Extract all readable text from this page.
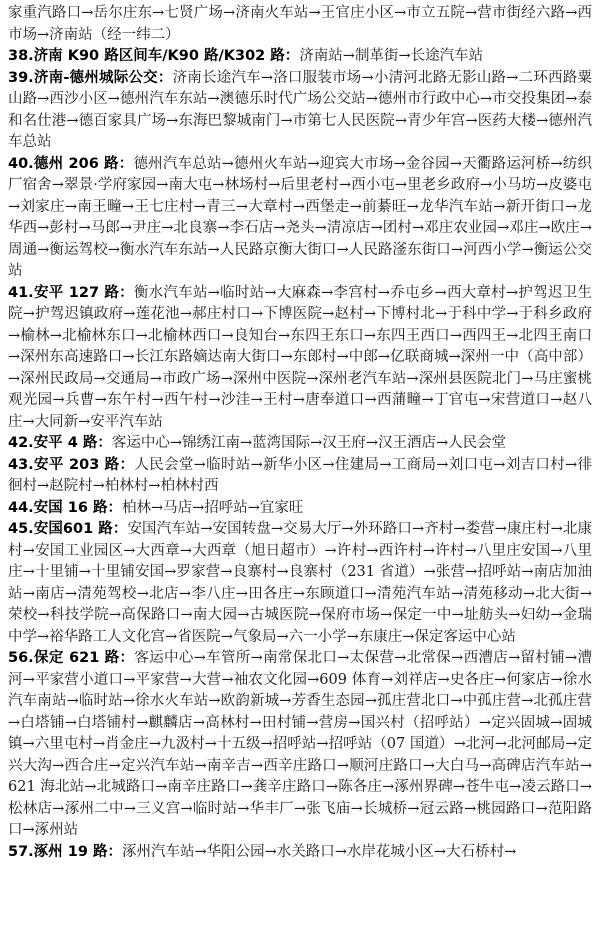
家重汽路口→岳尔庄东→七贤广场→济南火车站→王官庄小区→市立五院→营市街经六路→西市场→济南站（经一纬二）

38.济南 K90 路区间车/K90 路/K302 路：济南站→制革街→长途汽车站

39.济南-德州城际公交：济南长途汽车→洛口服装市场→小清河北路无影山路→二环西路粟山路→西沙小区→德州汽车东站→澳德乐时代广场公交站→德州市行政中心→市交投集团→泰和名仕港→德百家具广场→东海巴黎城南门→市第七人民医院→青少年宫→医药大楼→德州汽车总站

40.德州 206 路：德州汽车总站→德州火车站→迎宾大市场→金谷园→天衢路运河桥→纺织厂宿舍→翠景·学府家园→南大屯→林场村→后里老村→西小屯→里老乡政府→小马坊→皮婆屯→刘家庄→南王疃→王七庄村→青三→大章村→西堡走→前綦旺→龙华汽车站→新开街口→龙华西→彭村→马郎→尹庄→北良寨→李石店→尧头→清凉店→团村→邓庄农业园→邓庄→欧庄→周通→衡运驾校→衡水汽车东站→人民路京衡大街口→人民路滏东街口→河西小学→衡运公交站

41.安平 127 路：衡水汽车站→临时站→大麻森→李宫村→乔屯乡→西大章村→护驾迟卫生院→护驾迟镇政府→莲花池→郝庄村口→下博医院→赵村→下博村北→于科中学→于科乡政府→榆林→北榆林东口→北榆林西口→良知台→东四王东口→东四王西口→西四王→北四王南口→深州东高速路口→长江东路嫡达南大街口→东郎村→中郎→亿联商城→深州一中（高中部）→深州民政局→交通局→市政广场→深州中医院→深州老汽车站→深州县医院北门→马庄蜜桃观光园→兵曹→东午村→西午村→沙洼→王村→唐奉道口→西蒲疃→丁官屯→宋营道口→赵八庄→大同新→安平汽车站

42.安平 4 路：客运中心→锦绣江南→蓝湾国际→汉王府→汉王酒店→人民会堂

43.安平 203 路：人民会堂→临时站→新华小区→住建局→工商局→刘口屯→刘吉口村→徘徊村→赵院村→柏林村→柏林村西

44.安国 16 路：柏林→马店→招呼站→宜家旺

45.安国601 路：安国汽车站→安国转盘→交易大厅→外环路口→齐村→娄营→康庄村→北康村→安国工业园区→大西章→大西章（旭日超市）→许村→西许村→许村→八里庄安国→八里庄→十里铺→十里铺安国→罗家营→良寨村→良寨村（231 省道）→张营→招呼站→南店加油站→南店→清苑驾校→北店→李八庄→田各庄→东顾道口→清苑汽车站→清苑移动→北大街→荣校→科技学院→高保路口→南大园→古城医院→保府市场→保定一中→址舫头→妇幼→金瑞中学→裕华路工人文化宫→省医院→气象局→六一小学→东康庄→保定客运中心站

56.保定 621 路：客运中心→车管所→南常保北口→太保营→北常保→西漕店→留村铺→漕河→平家营小道口→平家营→大营→袖农文化园→609 体育→刘祥店→史各庄→何家店→徐水汽车南站→临时站→徐水火车站→欧韵新城→芳香生态园→孤庄营北口→中孤庄营→北孤庄营→白塔铺→白塔铺村→麒麟店→高林村→田村铺→营房→国兴村（招呼站）→定兴固城→固城镇→六里屯村→肖金庄→九汲村→十五级→招呼站→招呼站（07 国道）→北河→北河邮局→定兴大沟→西合庄→定兴汽车站→南辛吉→西辛庄路口→顺河庄路口→大白马→高碑店汽车站→621 海北站→北城路口→南辛庄路口→龚辛庄路口→陈各庄→涿州界碑→苍牛屯→凌云路口→松林店→涿州二中→三义宫→临时站→华丰厂→张飞庙→长城桥→冠云路→桃园路口→范阳路口→涿州站

57.涿州 19 路：涿州汽车站→华阳公园→水关路口→水岸花城小区→大石桥村→
